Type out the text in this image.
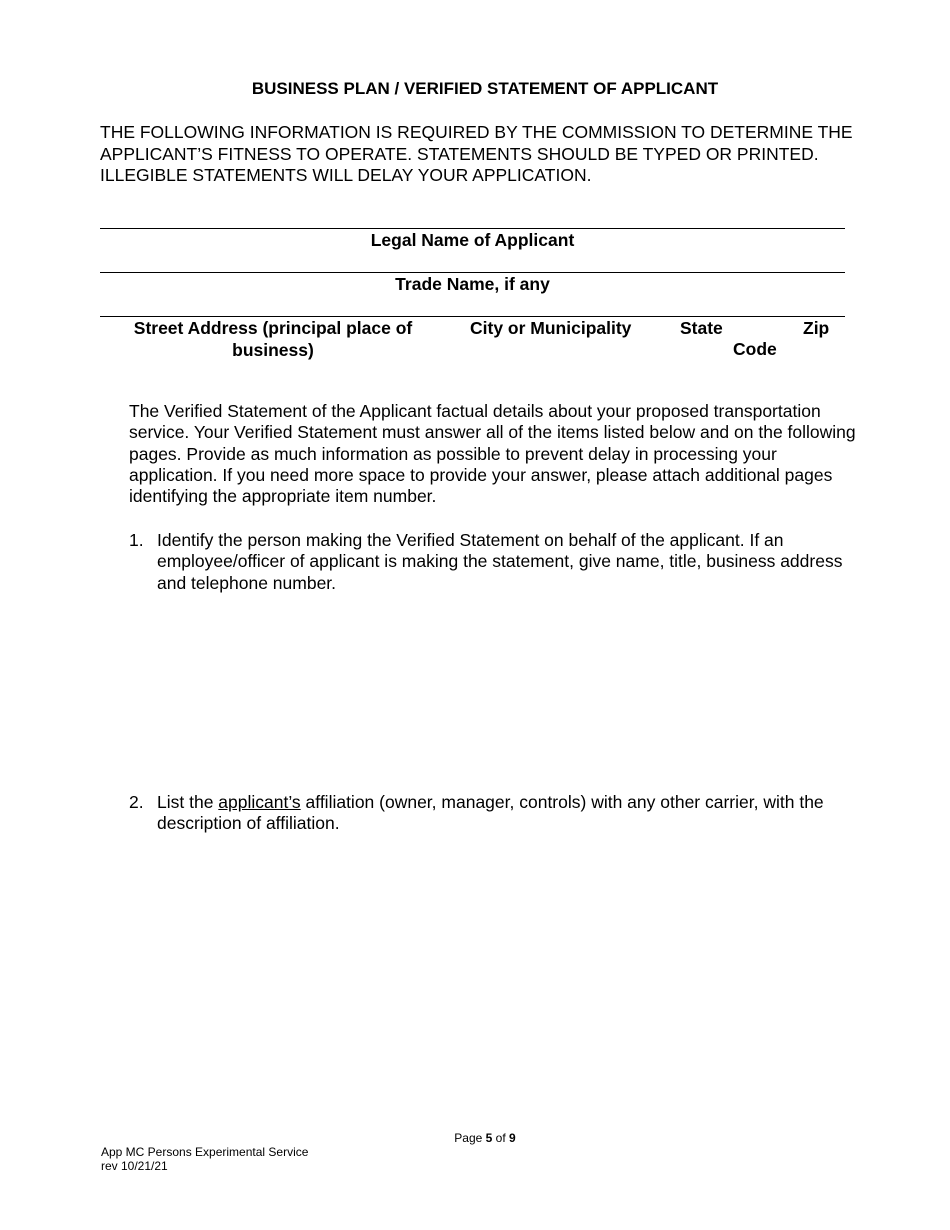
BUSINESS PLAN / VERIFIED STATEMENT OF APPLICANT
THE FOLLOWING INFORMATION IS REQUIRED BY THE COMMISSION TO DETERMINE THE APPLICANT’S FITNESS TO OPERATE. STATEMENTS SHOULD BE TYPED OR PRINTED. ILLEGIBLE STATEMENTS WILL DELAY YOUR APPLICATION.
Legal Name of Applicant
Trade Name, if any
Street Address (principal place of business)
City or Municipality	State	Zip
Code
The Verified Statement of the Applicant factual details about your proposed transportation service. Your Verified Statement must answer all of the items listed below and on the following pages. Provide as much information as possible to prevent delay in processing your application. If you need more space to provide your answer, please attach additional pages identifying the appropriate item number.
1. Identify the person making the Verified Statement on behalf of the applicant. If an employee/officer of applicant is making the statement, give name, title, business address and telephone number.
2. List the applicant’s affiliation (owner, manager, controls) with any other carrier, with the description of affiliation.
Page 5 of 9
App MC Persons Experimental Service
rev 10/21/21
